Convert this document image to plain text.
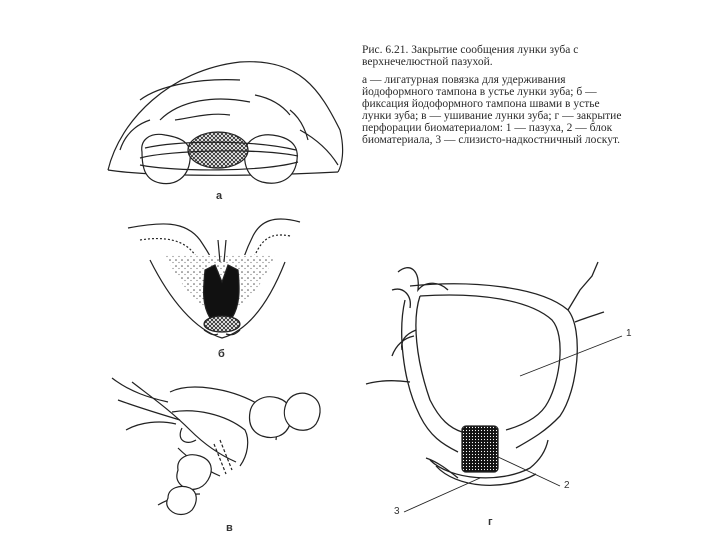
Рис. 6.21. Закрытие сообщения лунки зуба с верхнечелюстной пазухой.

а — лигатурная повязка для удерживания йодоформного тампона в устье лунки зуба; б — фиксация йодоформного тампона швами в устье лунки зуба; в — ушивание лунки зуба; г — закрытие перфорации биоматериалом: 1 — пазуха, 2 — блок биоматериала, 3 — слизисто-надкостничный лоскут.

а
б
в	г
1
2
3
